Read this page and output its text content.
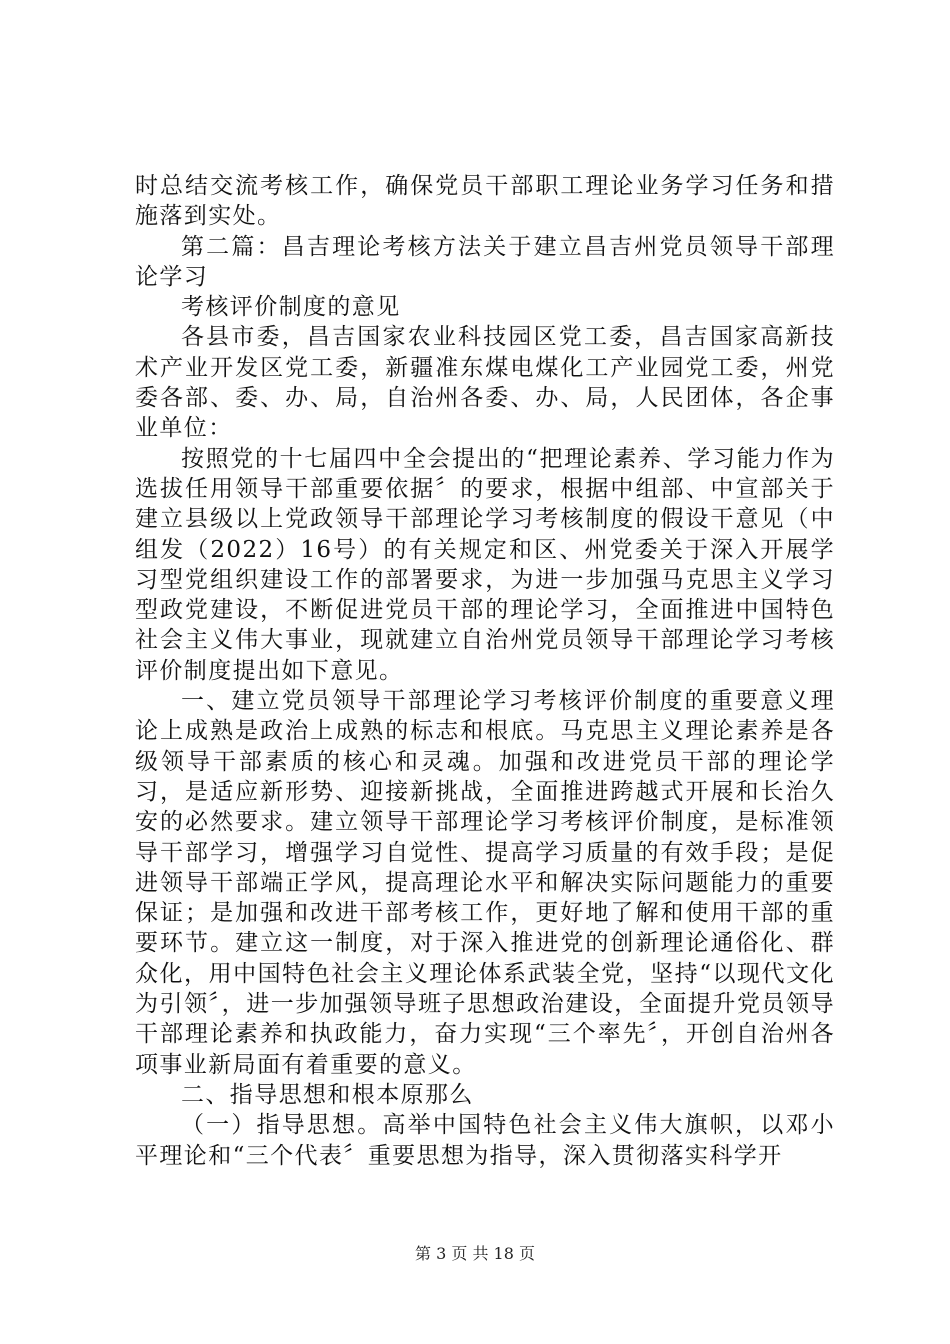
时总结交流考核工作，确保党员干部职工理论业务学习任务和措施落到实处。

第二篇：昌吉理论考核方法关于建立昌吉州党员领导干部理论学习

考核评价制度的意见

各县市委，昌吉国家农业科技园区党工委，昌吉国家高新技术产业开发区党工委，新疆准东煤电煤化工产业园党工委，州党委各部、委、办、局，自治州各委、办、局，人民团体，各企事业单位：

按照党的十七届四中全会提出的“把理论素养、学习能力作为选拔任用领导干部重要依据〞的要求，根据中组部、中宣部关于建立县级以上党政领导干部理论学习考核制度的假设干意见（中组发（2022）16号）的有关规定和区、州党委关于深入开展学习型党组织建设工作的部署要求，为进一步加强马克思主义学习型政党建设，不断促进党员干部的理论学习，全面推进中国特色社会主义伟大事业，现就建立自治州党员领导干部理论学习考核评价制度提出如下意见。

一、建立党员领导干部理论学习考核评价制度的重要意义理论上成熟是政治上成熟的标志和根底。马克思主义理论素养是各级领导干部素质的核心和灵魂。加强和改进党员干部的理论学习，是适应新形势、迎接新挑战，全面推进跨越式开展和长治久安的必然要求。建立领导干部理论学习考核评价制度，是标准领导干部学习，增强学习自觉性、提高学习质量的有效手段；是促进领导干部端正学风，提高理论水平和解决实际问题能力的重要保证；是加强和改进干部考核工作，更好地了解和使用干部的重要环节。建立这一制度，对于深入推进党的创新理论通俗化、群众化，用中国特色社会主义理论体系武装全党，坚持“以现代文化为引领〞，进一步加强领导班子思想政治建设，全面提升党员领导干部理论素养和执政能力，奋力实现“三个率先〞，开创自治州各项事业新局面有着重要的意义。

二、指导思想和根本原那么

（一）指导思想。高举中国特色社会主义伟大旗帜，以邓小平理论和“三个代表〞重要思想为指导，深入贯彻落实科学开

第 3 页 共 18 页
